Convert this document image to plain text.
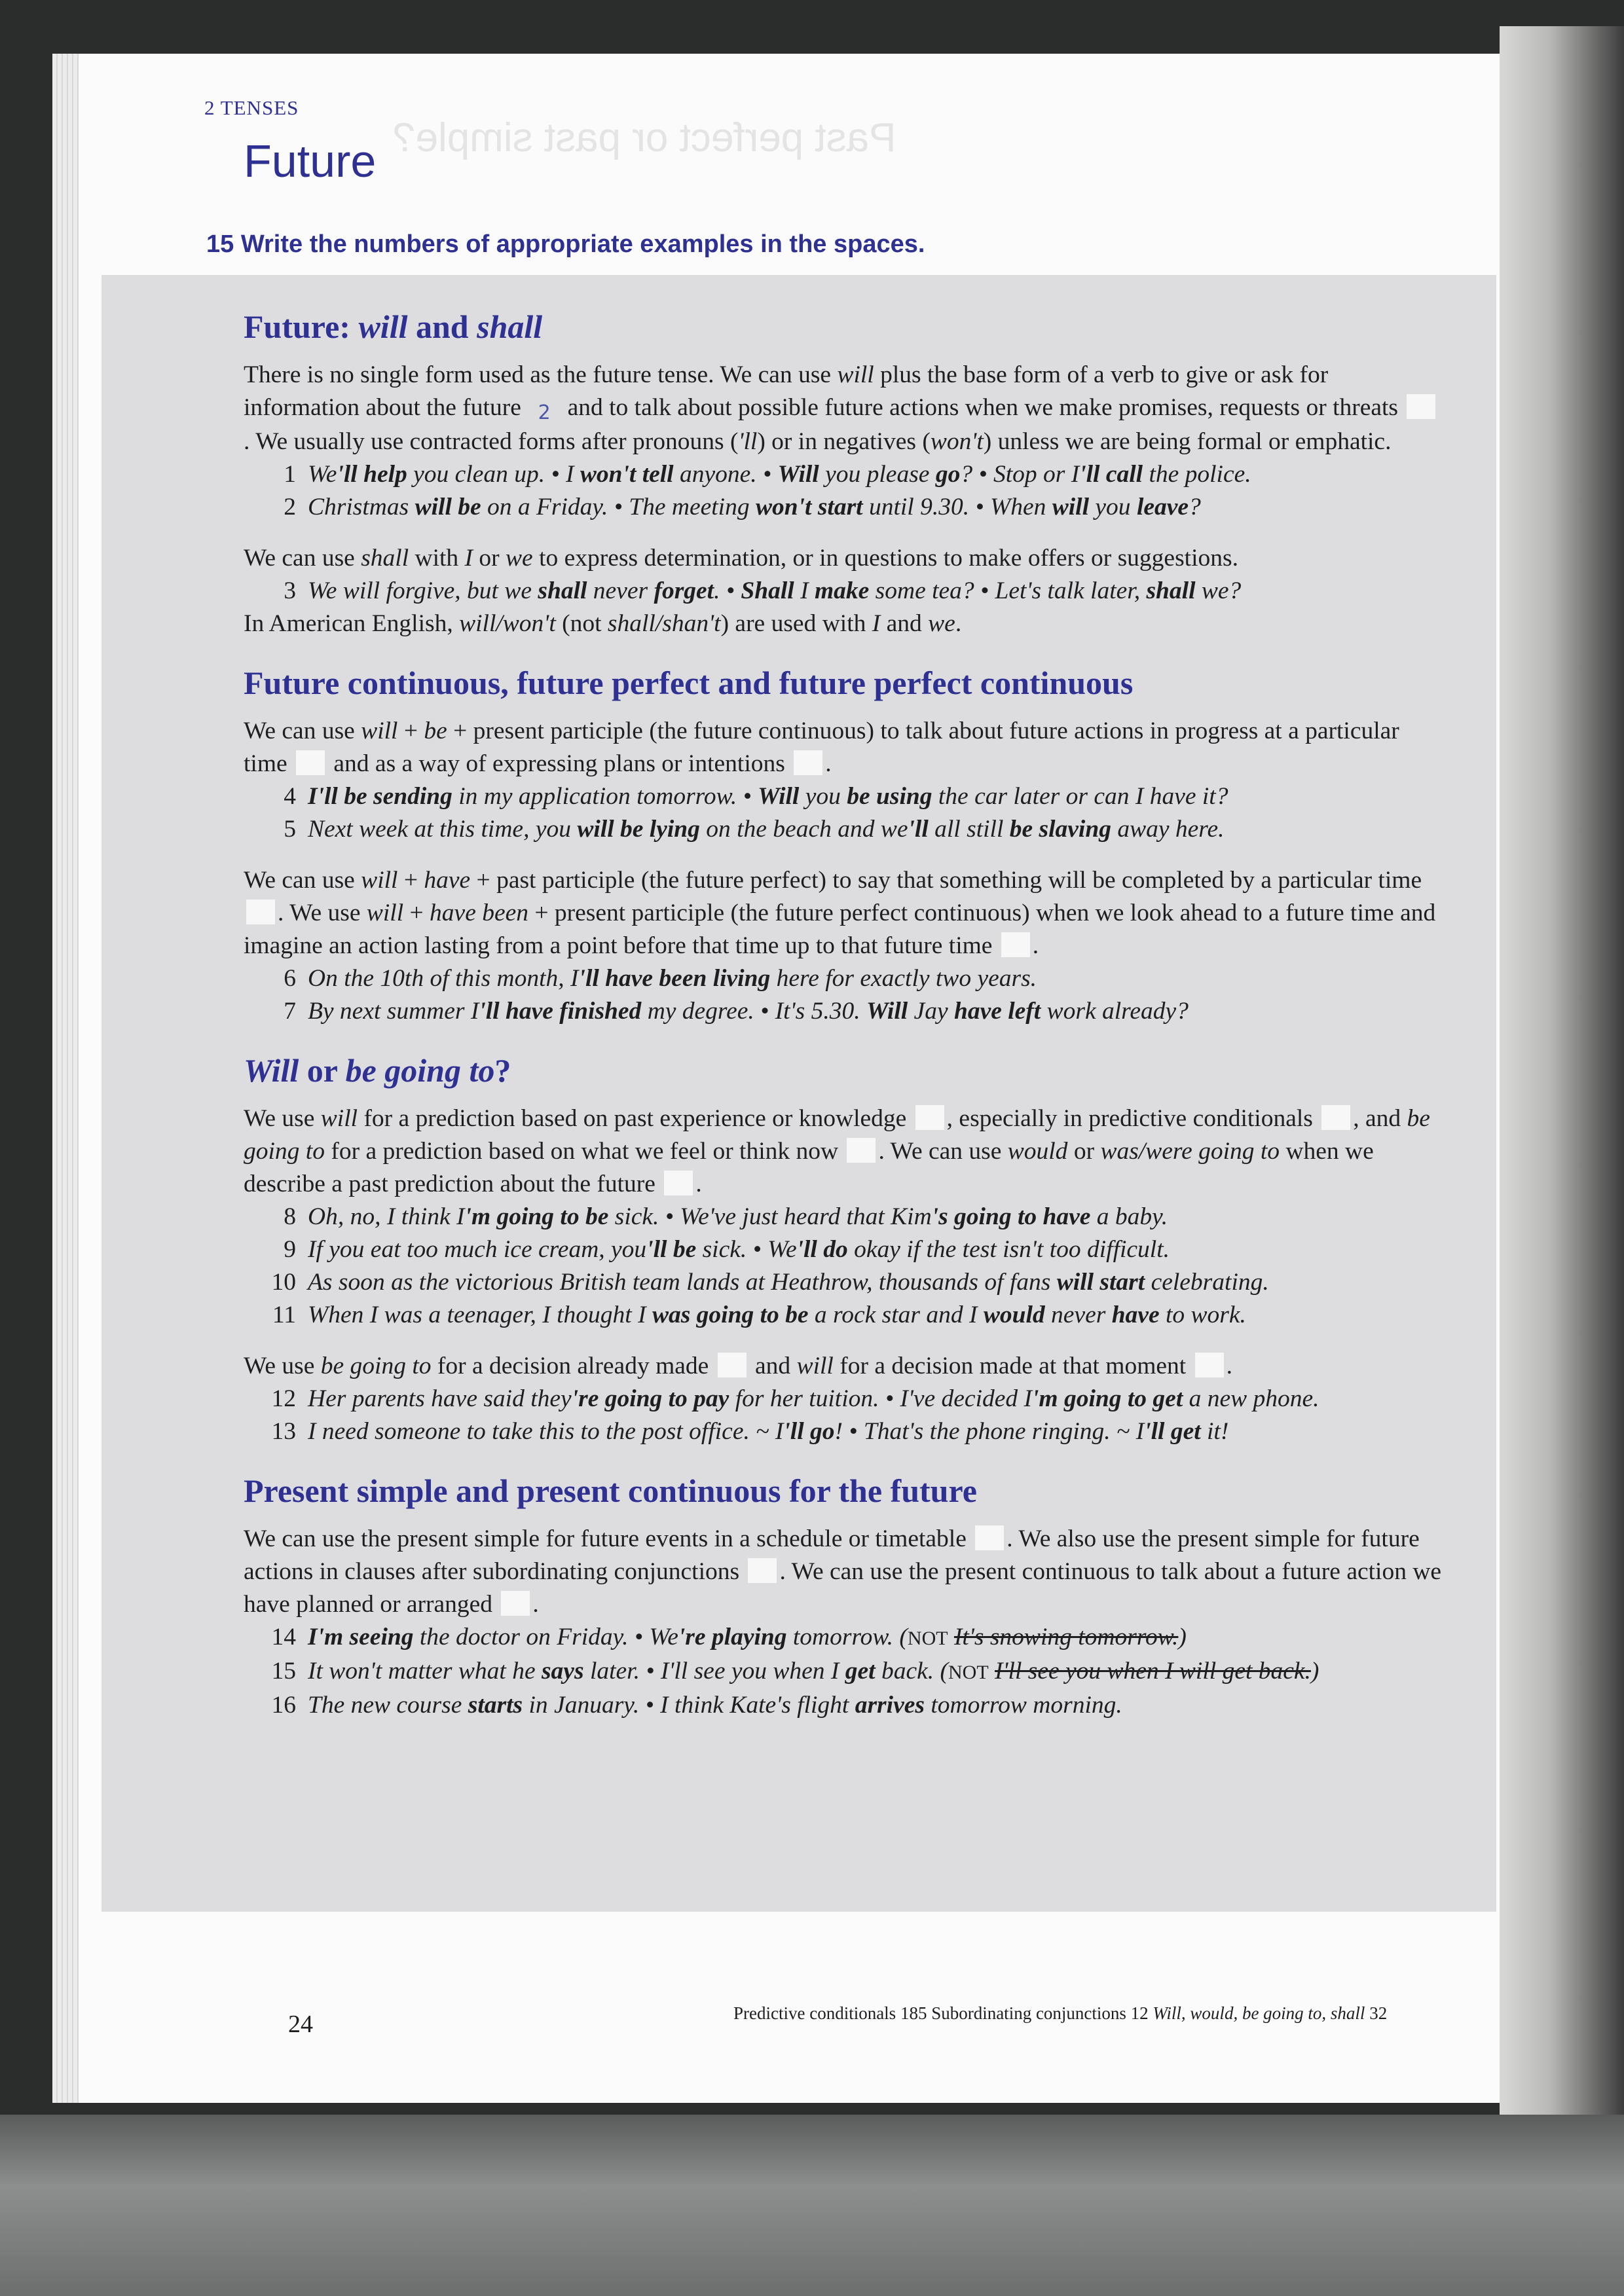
Past perfect or past simple?
2 TENSES
Future
15 Write the numbers of appropriate examples in the spaces.
Future: will and shall

There is no single form used as the future tense. We can use will plus the base form of a verb to give or ask for information about the future 2 and to talk about possible future actions when we make promises, requests or threats . We usually use contracted forms after pronouns ('ll) or in negatives (won't) unless we are being formal or emphatic.

1 We'll help you clean up. • I won't tell anyone. • Will you please go? • Stop or I'll call the police.
2 Christmas will be on a Friday. • The meeting won't start until 9.30. • When will you leave?

We can use shall with I or we to express determination, or in questions to make offers or suggestions.

3 We will forgive, but we shall never forget. • Shall I make some tea? • Let's talk later, shall we?

In American English, will/won't (not shall/shan't) are used with I and we.

Future continuous, future perfect and future perfect continuous

We can use will + be + present participle (the future continuous) to talk about future actions in progress at a particular time  and as a way of expressing plans or intentions .

4 I'll be sending in my application tomorrow. • Will you be using the car later or can I have it?
5 Next week at this time, you will be lying on the beach and we'll all still be slaving away here.

We can use will + have + past participle (the future perfect) to say that something will be completed by a particular time . We use will + have been + present participle (the future perfect continuous) when we look ahead to a future time and imagine an action lasting from a point before that time up to that future time .

6 On the 10th of this month, I'll have been living here for exactly two years.
7 By next summer I'll have finished my degree. • It's 5.30. Will Jay have left work already?
Will or be going to?

We use will for a prediction based on past experience or knowledge , especially in predictive conditionals , and be going to for a prediction based on what we feel or think now . We can use would or was/were going to when we describe a past prediction about the future .

8 Oh, no, I think I'm going to be sick. • We've just heard that Kim's going to have a baby.
9 If you eat too much ice cream, you'll be sick. • We'll do okay if the test isn't too difficult.
10 As soon as the victorious British team lands at Heathrow, thousands of fans will start celebrating.
11 When I was a teenager, I thought I was going to be a rock star and I would never have to work.

We use be going to for a decision already made  and will for a decision made at that moment .

12 Her parents have said they're going to pay for her tuition. • I've decided I'm going to get a new phone.
13 I need someone to take this to the post office. ~ I'll go! • That's the phone ringing. ~ I'll get it!
Present simple and present continuous for the future

We can use the present simple for future events in a schedule or timetable . We also use the present simple for future actions in clauses after subordinating conjunctions . We can use the present continuous to talk about a future action we have planned or arranged .

14 I'm seeing the doctor on Friday. • We're playing tomorrow. (NOT It's snowing tomorrow.)
15 It won't matter what he says later. • I'll see you when I get back. (NOT I'll see you when I will get back.)
16 The new course starts in January. • I think Kate's flight arrives tomorrow morning.
24	Predictive conditionals 185 Subordinating conjunctions 12 Will, would, be going to, shall 32
